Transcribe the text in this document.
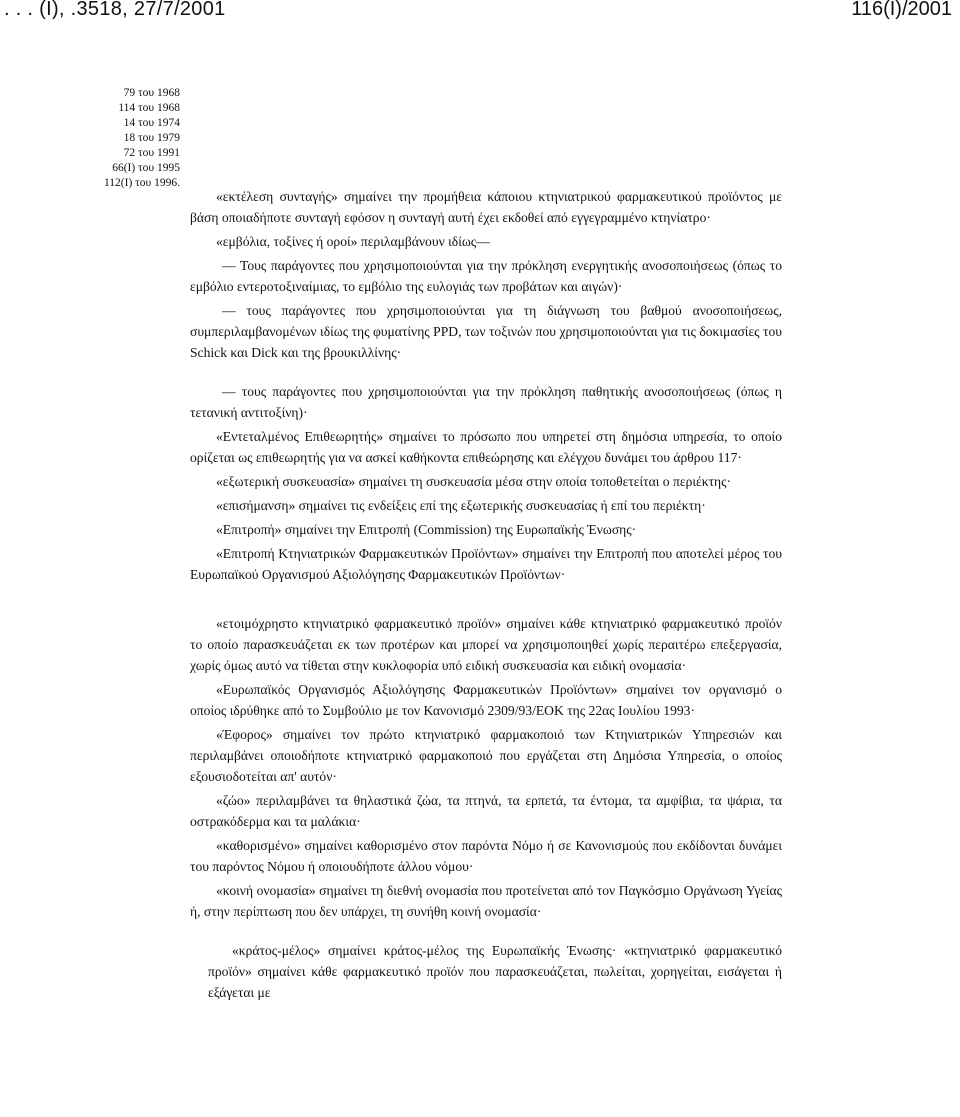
. . . (Ι), .3518, 27/7/2001	116(Ι)/2001
79 του 1968
114 του 1968
14 του 1974
18 του 1979
72 του 1991
66(Ι) του 1995
112(Ι) του 1996.

«εκτέλεση συνταγής» σημαίνει την προμήθεια κάποιου κτηνιατρικού φαρμακευτικού προϊόντος με βάση οποιαδήποτε συνταγή εφόσον η συνταγή αυτή έχει εκδοθεί από εγγεγραμμένο κτηνίατρο·

«εμβόλια, τοξίνες ή οροί» περιλαμβάνουν ιδίως—

— Τους παράγοντες που χρησιμοποιούνται για την πρόκληση ενεργητικής ανοσοποιήσεως (όπως το εμβόλιο εντεροτοξιναίμιας, το εμβόλιο της ευλογιάς των προβάτων και αιγών)·

— τους παράγοντες που χρησιμοποιούνται για τη διάγνωση του βαθμού ανοσοποιήσεως, συμπεριλαμβανομένων ιδίως της φυματίνης PPD, των τοξινών που χρησιμοποιούνται για τις δοκιμασίες του Schick και Dick και της βρουκιλλίνης·

— τους παράγοντες που χρησιμοποιούνται για την πρόκληση παθητικής ανοσοποιήσεως (όπως η τετανική αντιτοξίνη)·

«Εντεταλμένος Επιθεωρητής» σημαίνει το πρόσωπο που υπηρετεί στη δημόσια υπηρεσία, το οποίο ορίζεται ως επιθεωρητής για να ασκεί καθήκοντα επιθεώρησης και ελέγχου δυνάμει του άρθρου 117·

«εξωτερική συσκευασία» σημαίνει τη συσκευασία μέσα στην οποία τοποθετείται ο περιέκτης·

«επισήμανση» σημαίνει τις ενδείξεις επί της εξωτερικής συσκευασίας ή επί του περιέκτη·

«Επιτροπή» σημαίνει την Επιτροπή (Commission) της Ευρωπαϊκής Ένωσης·

«Επιτροπή Κτηνιατρικών Φαρμακευτικών Προϊόντων» σημαίνει την Επιτροπή που αποτελεί μέρος του Ευρωπαϊκού Οργανισμού Αξιολόγησης Φαρμακευτικών Προϊόντων·

«ετοιμόχρηστο κτηνιατρικό φαρμακευτικό προϊόν» σημαίνει κάθε κτηνιατρικό φαρμακευτικό προϊόν το οποίο παρασκευάζεται εκ των προτέρων και μπορεί να χρησιμοποιηθεί χωρίς περαιτέρω επεξεργασία, χωρίς όμως αυτό να τίθεται στην κυκλοφορία υπό ειδική συσκευασία και ειδική ονομασία·

«Ευρωπαϊκός Οργανισμός Αξιολόγησης Φαρμακευτικών Προϊόντων» σημαίνει τον οργανισμό ο οποίος ιδρύθηκε από το Συμβούλιο με τον Κανονισμό 2309/93/ΕΟΚ της 22ας Ιουλίου 1993·

«Έφορος» σημαίνει τον πρώτο κτηνιατρικό φαρμακοποιό των Κτηνιατρικών Υπηρεσιών και περιλαμβάνει οποιοδήποτε κτηνιατρικό φαρμακοποιό που εργάζεται στη Δημόσια Υπηρεσία, ο οποίος εξουσιοδοτείται απ' αυτόν·

«ζώο» περιλαμβάνει τα θηλαστικά ζώα, τα πτηνά, τα ερπετά, τα έντομα, τα αμφίβια, τα ψάρια, τα οστρακόδερμα και τα μαλάκια·

«καθορισμένο» σημαίνει καθορισμένο στον παρόντα Νόμο ή σε Κανονισμούς που εκδίδονται δυνάμει του παρόντος Νόμου ή οποιουδήποτε άλλου νόμου·

«κοινή ονομασία» σημαίνει τη διεθνή ονομασία που προτείνεται από τον Παγκόσμιο Οργάνωση Υγείας ή, στην περίπτωση που δεν υπάρχει, τη συνήθη κοινή ονομασία·

«κράτος-μέλος» σημαίνει κράτος-μέλος της Ευρωπαϊκής Ένωσης· «κτηνιατρικό φαρμακευτικό προϊόν» σημαίνει κάθε φαρμακευτικό προϊόν που παρασκευάζεται, πωλείται, χορηγείται, εισάγεται ή εξάγεται με
